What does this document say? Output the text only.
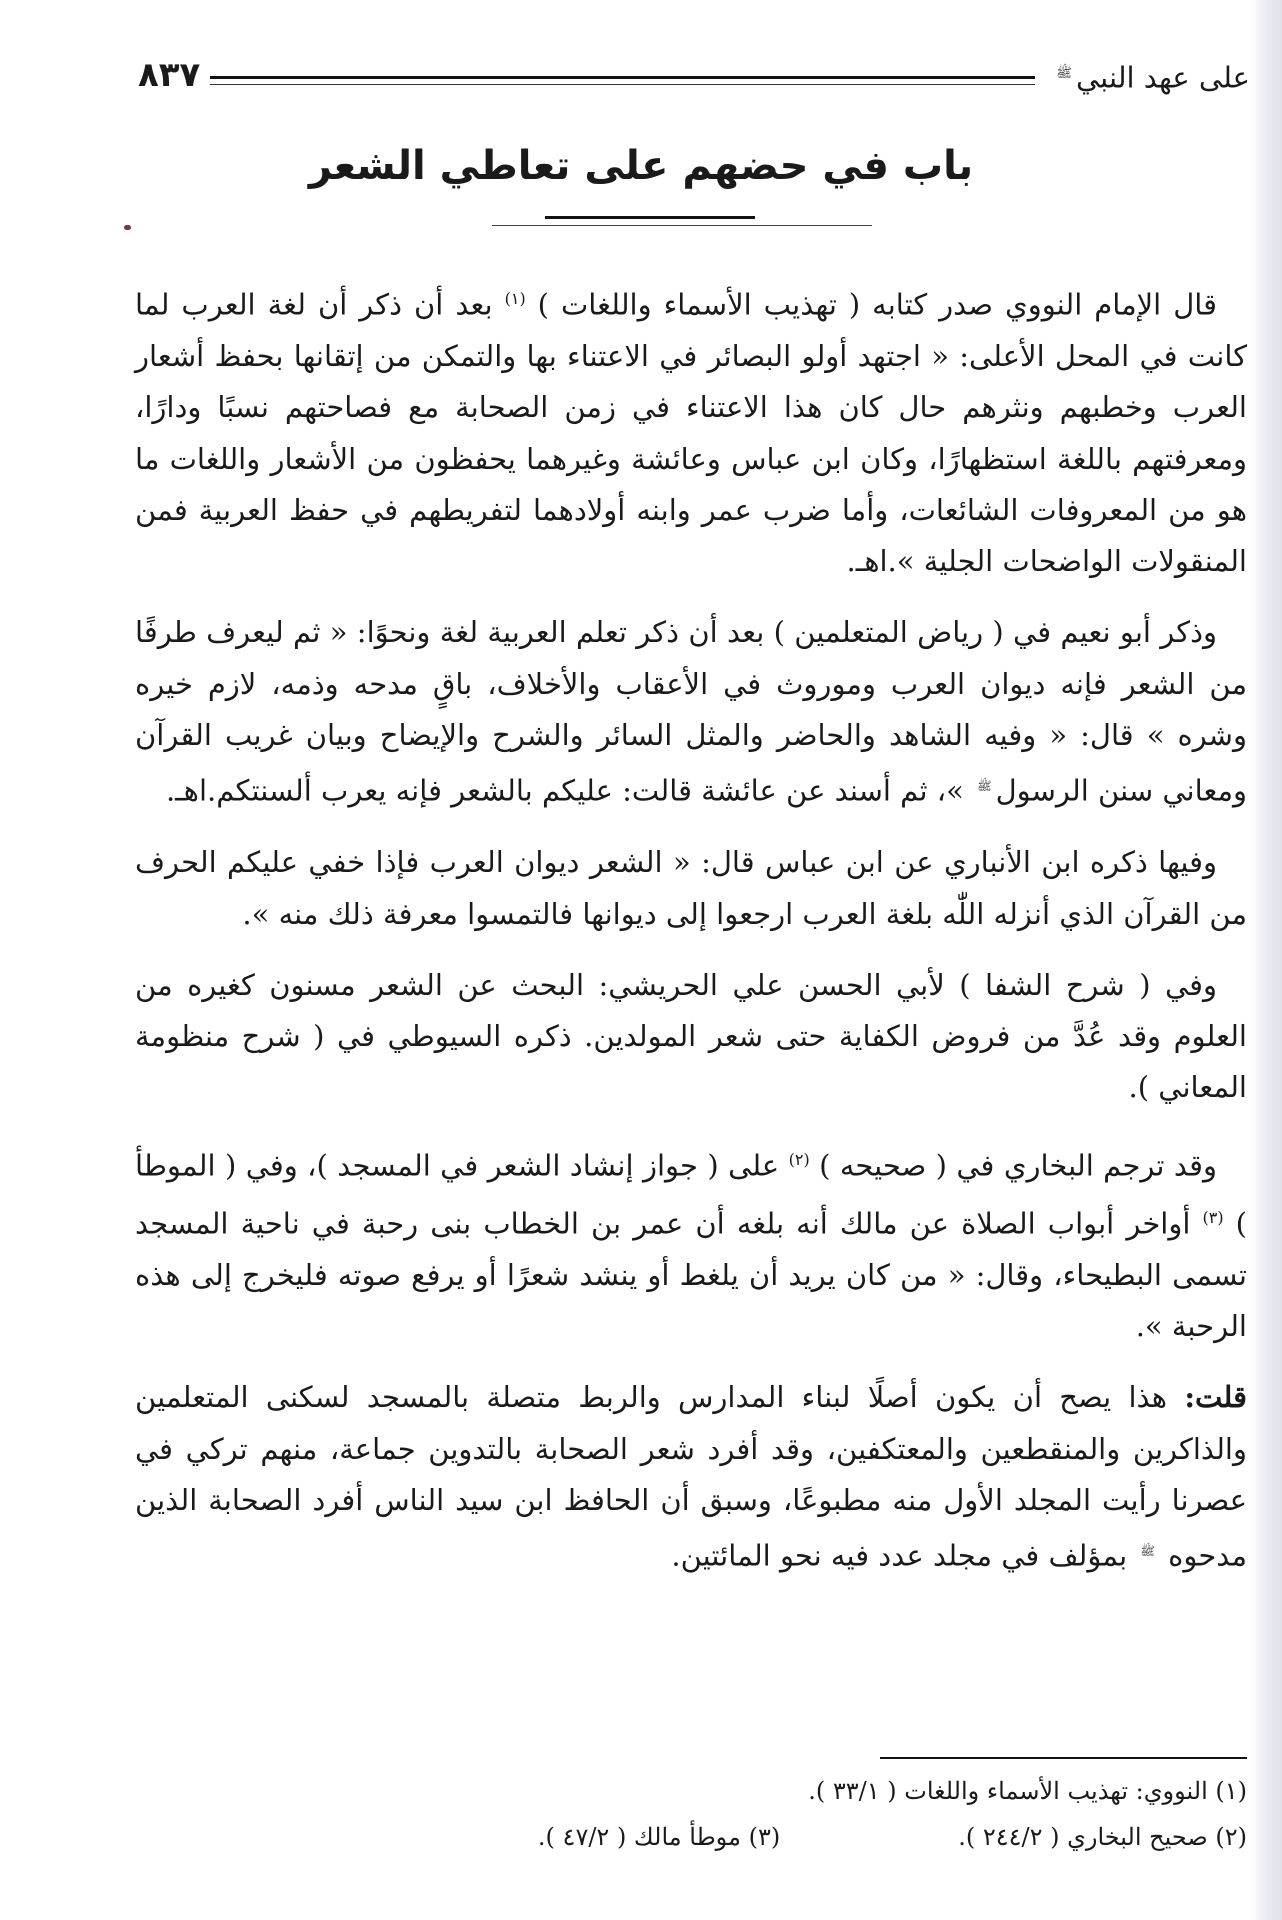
على عهد النبي$^ﷺ$
٨٣٧
باب في حضهم على تعاطي الشعر

قال الإمام النووي صدر كتابه ( تهذيب الأسماء واللغات ) $^{(١)}$ بعد أن ذكر أن لغة العرب لما كانت في المحل الأعلى: « اجتهد أولو البصائر في الاعتناء بها والتمكن من إتقانها بحفظ أشعار العرب وخطبهم ونثرهم حال كان هذا الاعتناء في زمن الصحابة مع فصاحتهم نسبًا ودارًا، ومعرفتهم باللغة استظهارًا، وكان ابن عباس وعائشة وغيرهما يحفظون من الأشعار واللغات ما هو من المعروفات الشائعات، وأما ضرب عمر وابنه أولادهما لتفريطهم في حفظ العربية فمن المنقولات الواضحات الجلية ».اهـ.

وذكر أبو نعيم في ( رياض المتعلمين ) بعد أن ذكر تعلم العربية لغة ونحوًا: « ثم ليعرف طرفًا من الشعر فإنه ديوان العرب وموروث في الأعقاب والأخلاف، باقٍ مدحه وذمه، لازم خيره وشره » قال: « وفيه الشاهد والحاضر والمثل السائر والشرح والإيضاح وبيان غريب القرآن ومعاني سنن الرسول$^ﷺ$ »، ثم أسند عن عائشة قالت: عليكم بالشعر فإنه يعرب ألسنتكم.اهـ.

وفيها ذكره ابن الأنباري عن ابن عباس قال: « الشعر ديوان العرب فإذا خفي عليكم الحرف من القرآن الذي أنزله اللّٰه بلغة العرب ارجعوا إلى ديوانها فالتمسوا معرفة ذلك منه ».

وفي ( شرح الشفا ) لأبي الحسن علي الحريشي: البحث عن الشعر مسنون كغيره من العلوم وقد عُدَّ من فروض الكفاية حتى شعر المولدين. ذكره السيوطي في ( شرح منظومة المعاني ).

وقد ترجم البخاري في ( صحيحه ) $^{(٢)}$ على ( جواز إنشاد الشعر في المسجد )، وفي ( الموطأ ) $^{(٣)}$ أواخر أبواب الصلاة عن مالك أنه بلغه أن عمر بن الخطاب بنى رحبة في ناحية المسجد تسمى البطيحاء، وقال: « من كان يريد أن يلغط أو ينشد شعرًا أو يرفع صوته فليخرج إلى هذه الرحبة ».

قلت: هذا يصح أن يكون أصلًا لبناء المدارس والربط متصلة بالمسجد لسكنى المتعلمين والذاكرين والمنقطعين والمعتكفين، وقد أفرد شعر الصحابة بالتدوين جماعة، منهم تركي في عصرنا رأيت المجلد الأول منه مطبوعًا، وسبق أن الحافظ ابن سيد الناس أفرد الصحابة الذين مدحوه $^ﷺ$ بمؤلف في مجلد عدد فيه نحو المائتين.

(١) النووي: تهذيب الأسماء واللغات ( ٣٣/١ ).
(٢) صحيح البخاري ( ٢٤٤/٢ ).
(٣) موطأ مالك ( ٤٧/٢ ).
